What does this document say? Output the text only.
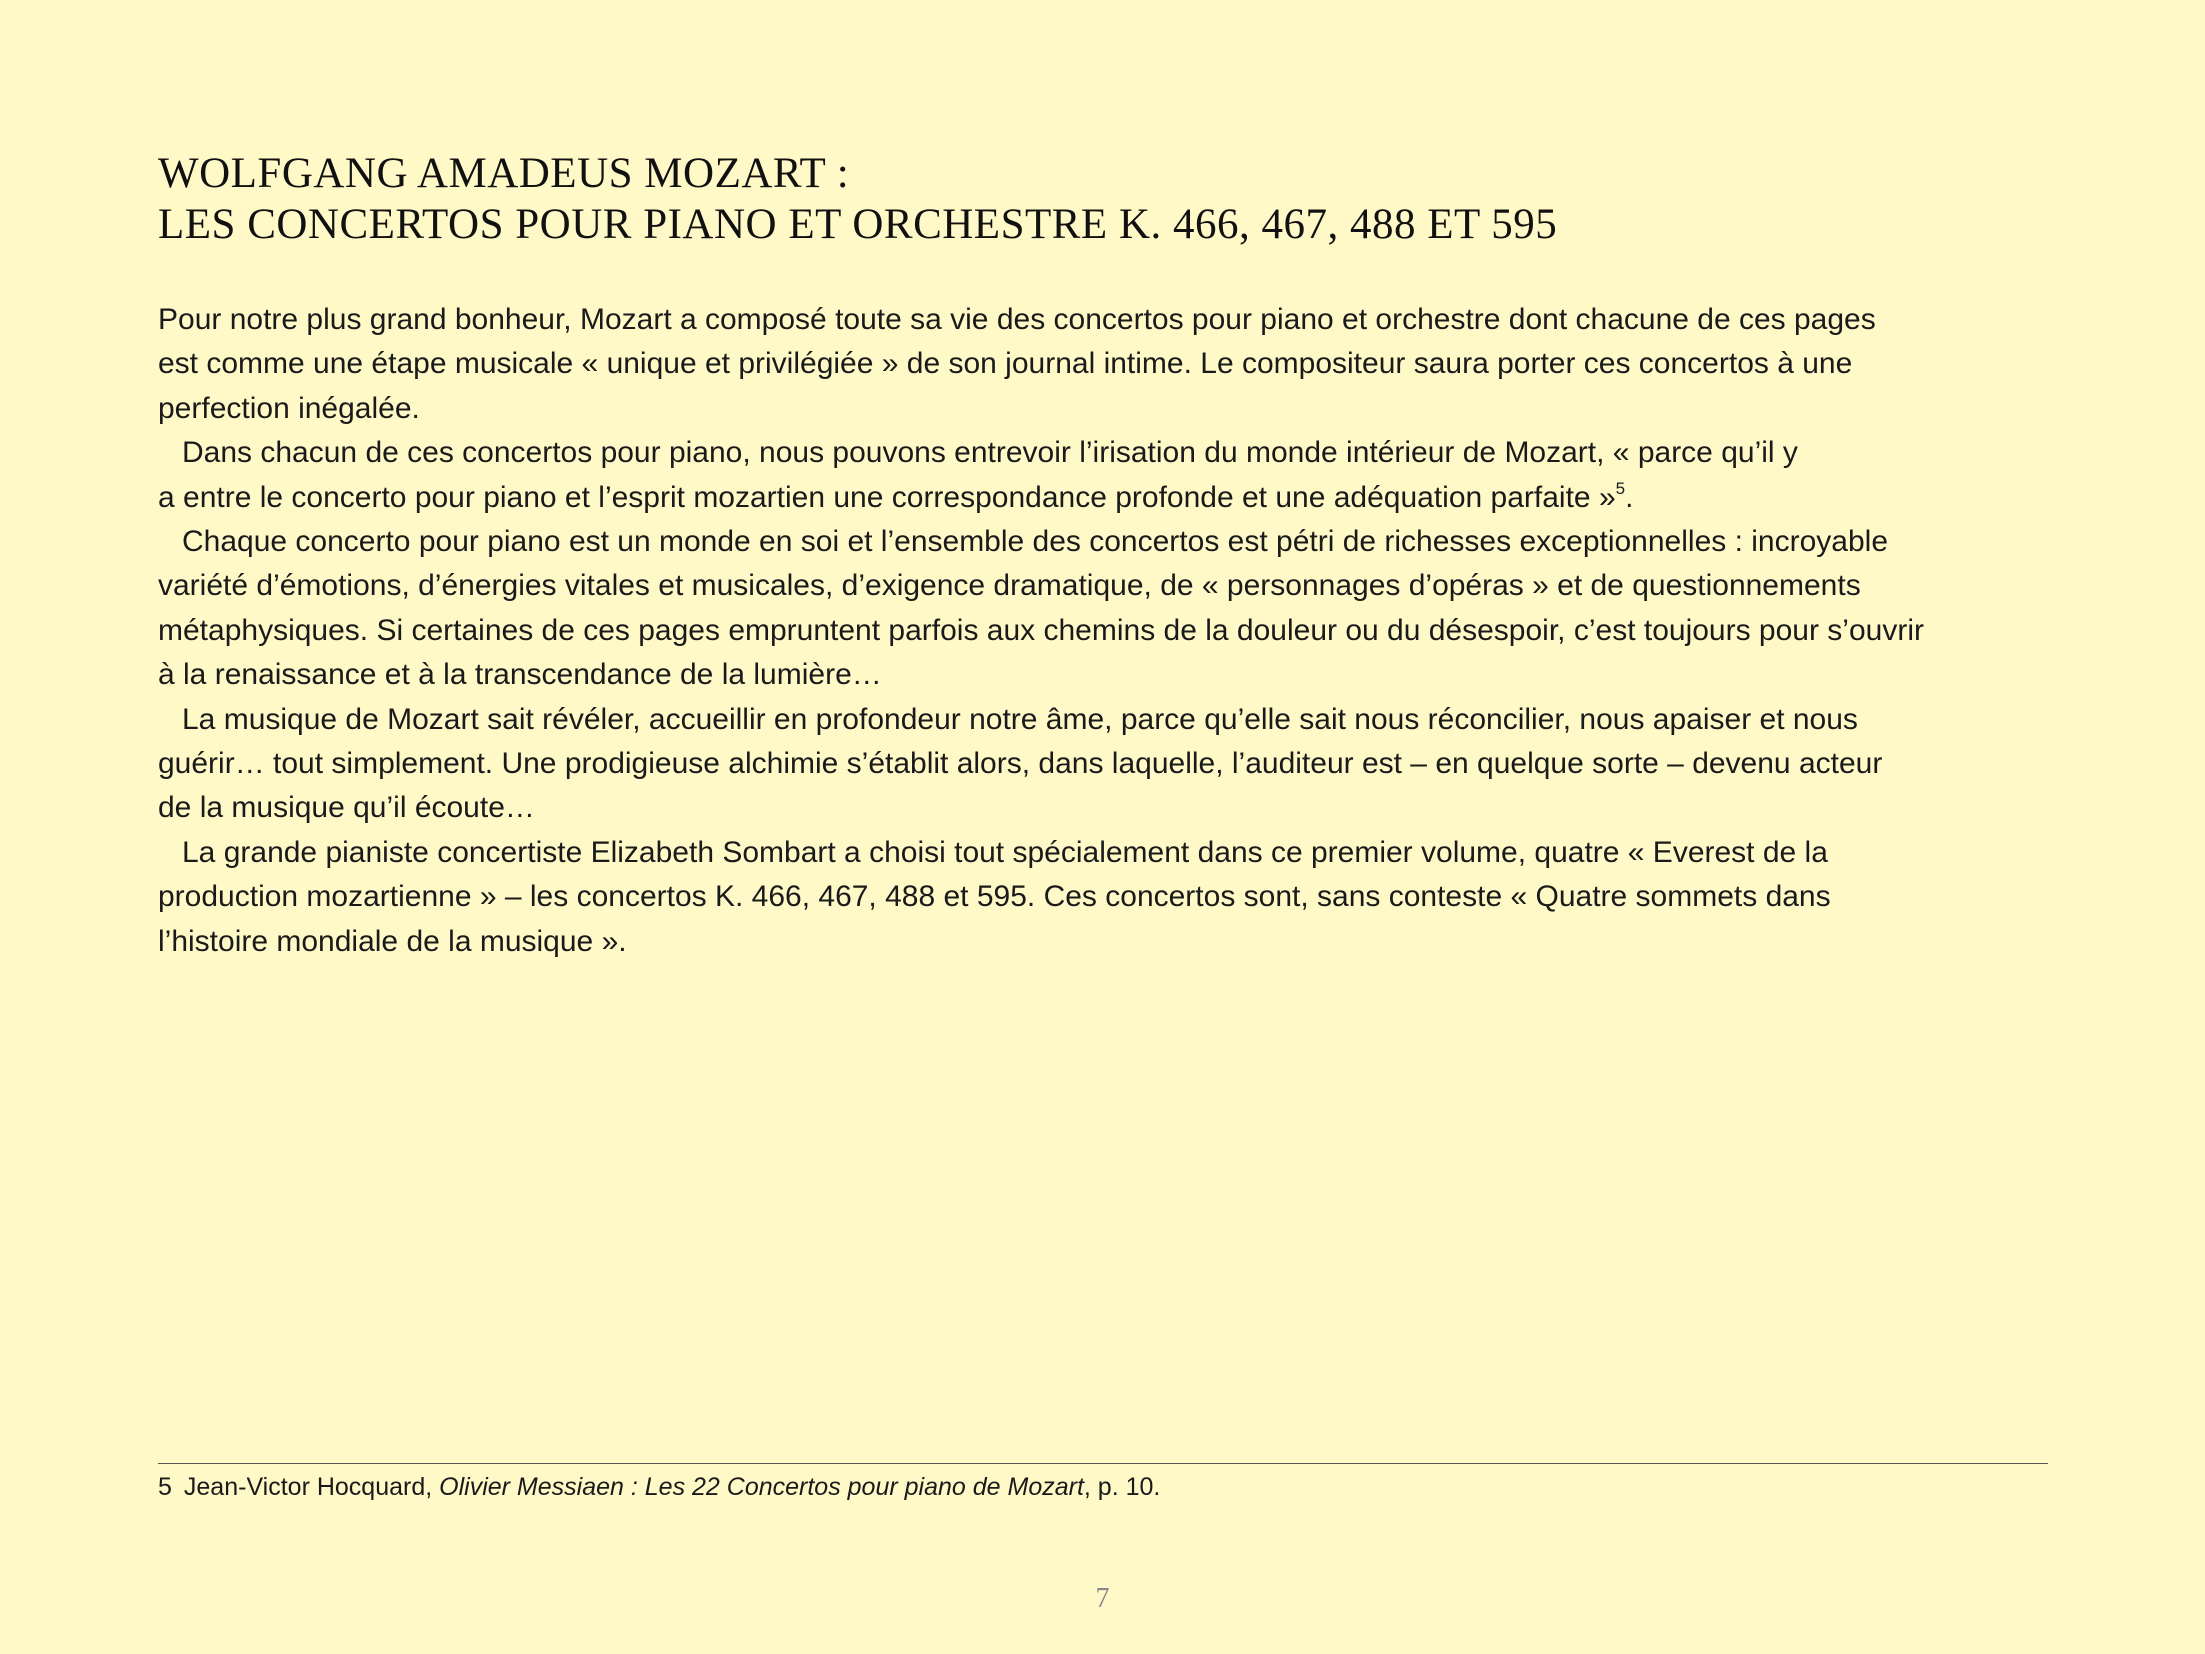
WOLFGANG AMADEUS MOZART :
LES CONCERTOS POUR PIANO ET ORCHESTRE K. 466, 467, 488 ET 595
Pour notre plus grand bonheur, Mozart a composé toute sa vie des concertos pour piano et orchestre dont chacune de ces pages
est comme une étape musicale « unique et privilégiée » de son journal intime. Le compositeur saura porter ces concertos à une
perfection inégalée.
Dans chacun de ces concertos pour piano, nous pouvons entrevoir l’irisation du monde intérieur de Mozart, « parce qu’il y
a entre le concerto pour piano et l’esprit mozartien une correspondance profonde et une adéquation parfaite »$^5$.
Chaque concerto pour piano est un monde en soi et l’ensemble des concertos est pétri de richesses exceptionnelles : incroyable
variété d’émotions, d’énergies vitales et musicales, d’exigence dramatique, de « personnages d’opéras » et de questionnements
métaphysiques. Si certaines de ces pages empruntent parfois aux chemins de la douleur ou du désespoir, c’est toujours pour s’ouvrir
à la renaissance et à la transcendance de la lumière…
La musique de Mozart sait révéler, accueillir en profondeur notre âme, parce qu’elle sait nous réconcilier, nous apaiser et nous
guérir… tout simplement. Une prodigieuse alchimie s’établit alors, dans laquelle, l’auditeur est – en quelque sorte – devenu acteur
de la musique qu’il écoute…
La grande pianiste concertiste Elizabeth Sombart a choisi tout spécialement dans ce premier volume, quatre « Everest de la
production mozartienne » – les concertos K. 466, 467, 488 et 595. Ces concertos sont, sans conteste « Quatre sommets dans
l’histoire mondiale de la musique ».
5 Jean-Victor Hocquard, Olivier Messiaen : Les 22 Concertos pour piano de Mozart, p. 10.
7
